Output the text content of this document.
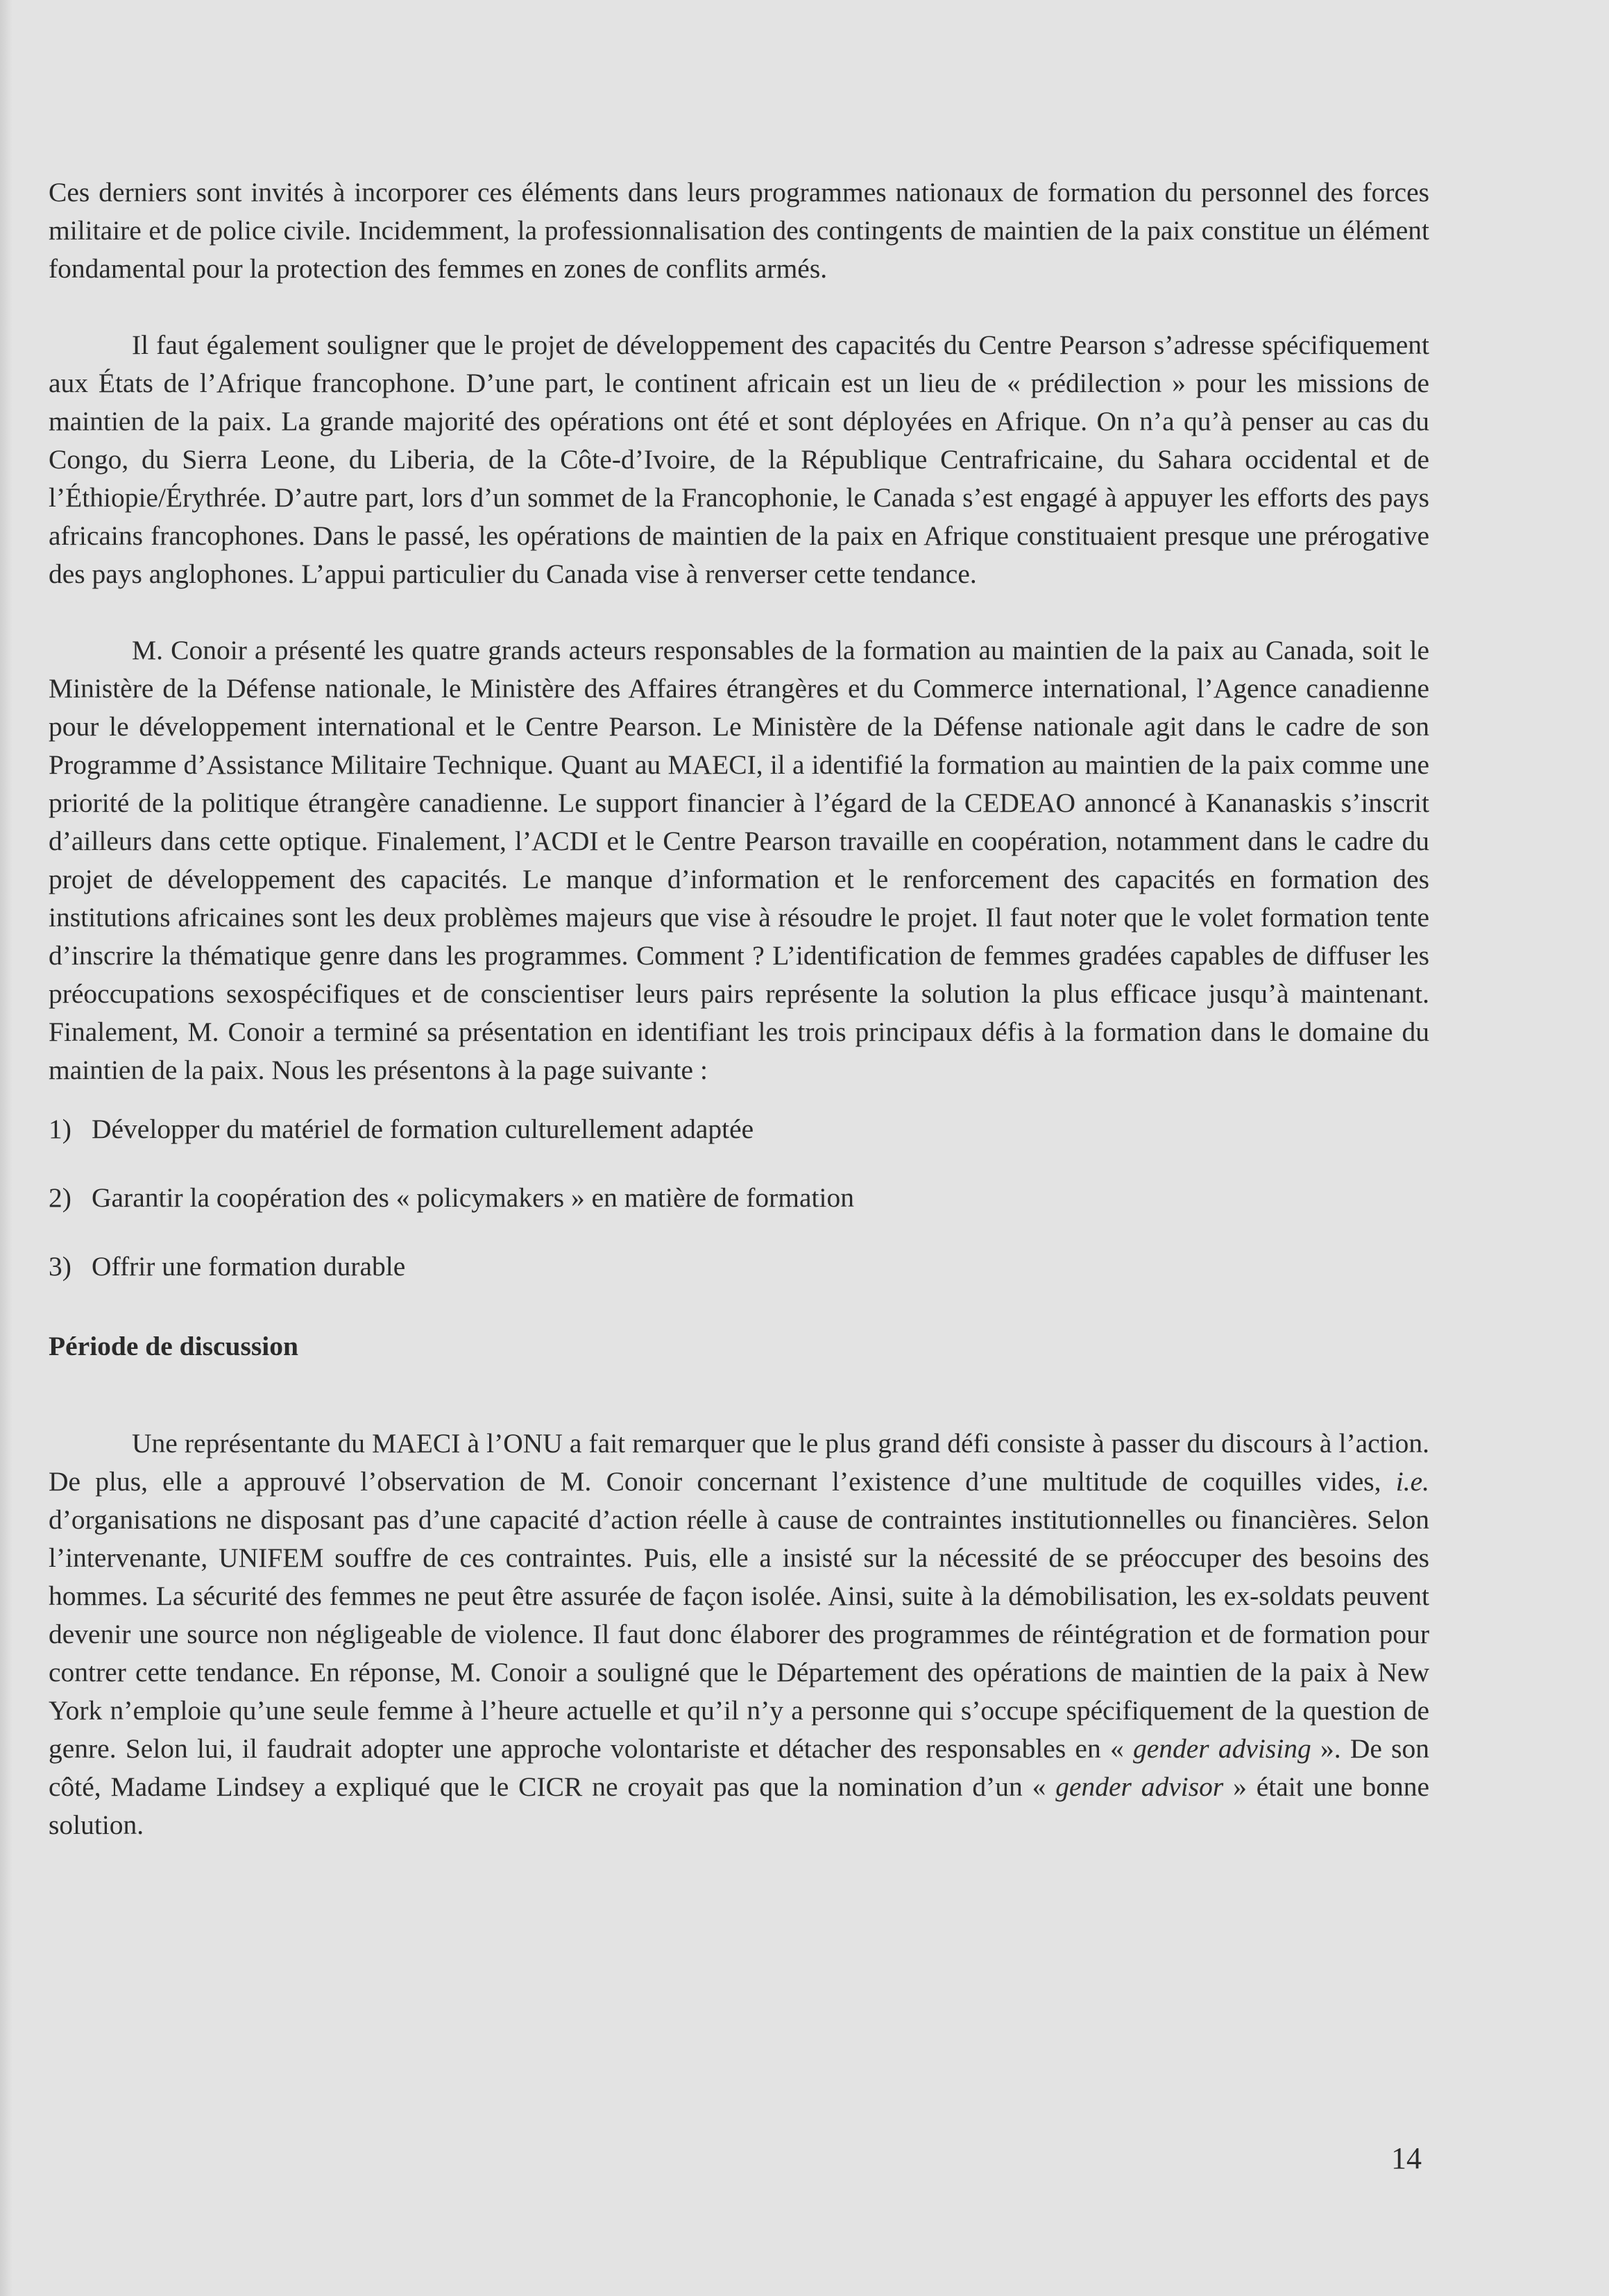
Ces derniers sont invités à incorporer ces éléments dans leurs programmes nationaux de formation du personnel des forces militaire et de police civile. Incidemment, la professionnalisation des contingents de maintien de la paix constitue un élément fondamental pour la protection des femmes en zones de conflits armés.

Il faut également souligner que le projet de développement des capacités du Centre Pearson s’adresse spécifiquement aux États de l’Afrique francophone. D’une part, le continent africain est un lieu de « prédilection » pour les missions de maintien de la paix. La grande majorité des opérations ont été et sont déployées en Afrique. On n’a qu’à penser au cas du Congo, du Sierra Leone, du Liberia, de la Côte-d’Ivoire, de la République Centrafricaine, du Sahara occidental et de l’Éthiopie/Érythrée. D’autre part, lors d’un sommet de la Francophonie, le Canada s’est engagé à appuyer les efforts des pays africains francophones. Dans le passé, les opérations de maintien de la paix en Afrique constituaient presque une prérogative des pays anglophones. L’appui particulier du Canada vise à renverser cette tendance.

M. Conoir a présenté les quatre grands acteurs responsables de la formation au maintien de la paix au Canada, soit le Ministère de la Défense nationale, le Ministère des Affaires étrangères et du Commerce international, l’Agence canadienne pour le développement international et le Centre Pearson. Le Ministère de la Défense nationale agit dans le cadre de son Programme d’Assistance Militaire Technique. Quant au MAECI, il a identifié la formation au maintien de la paix comme une priorité de la politique étrangère canadienne. Le support financier à l’égard de la CEDEAO annoncé à Kananaskis s’inscrit d’ailleurs dans cette optique. Finalement, l’ACDI et le Centre Pearson travaille en coopération, notamment dans le cadre du projet de développement des capacités. Le manque d’information et le renforcement des capacités en formation des institutions africaines sont les deux problèmes majeurs que vise à résoudre le projet. Il faut noter que le volet formation tente d’inscrire la thématique genre dans les programmes. Comment ? L’identification de femmes gradées capables de diffuser les préoccupations sexospécifiques et de conscientiser leurs pairs représente la solution la plus efficace jusqu’à maintenant. Finalement, M. Conoir a terminé sa présentation en identifiant les trois principaux défis à la formation dans le domaine du maintien de la paix. Nous les présentons à la page suivante :

1) Développer du matériel de formation culturellement adaptée
2) Garantir la coopération des « policymakers » en matière de formation
3) Offrir une formation durable

Période de discussion

Une représentante du MAECI à l’ONU a fait remarquer que le plus grand défi consiste à passer du discours à l’action. De plus, elle a approuvé l’observation de M. Conoir concernant l’existence d’une multitude de coquilles vides, i.e. d’organisations ne disposant pas d’une capacité d’action réelle à cause de contraintes institutionnelles ou financières. Selon l’intervenante, UNIFEM souffre de ces contraintes. Puis, elle a insisté sur la nécessité de se préoccuper des besoins des hommes. La sécurité des femmes ne peut être assurée de façon isolée. Ainsi, suite à la démobilisation, les ex-soldats peuvent devenir une source non négligeable de violence. Il faut donc élaborer des programmes de réintégration et de formation pour contrer cette tendance. En réponse, M. Conoir a souligné que le Département des opérations de maintien de la paix à New York n’emploie qu’une seule femme à l’heure actuelle et qu’il n’y a personne qui s’occupe spécifiquement de la question de genre. Selon lui, il faudrait adopter une approche volontariste et détacher des responsables en « gender advising ». De son côté, Madame Lindsey a expliqué que le CICR ne croyait pas que la nomination d’un « gender advisor » était une bonne solution.

14
